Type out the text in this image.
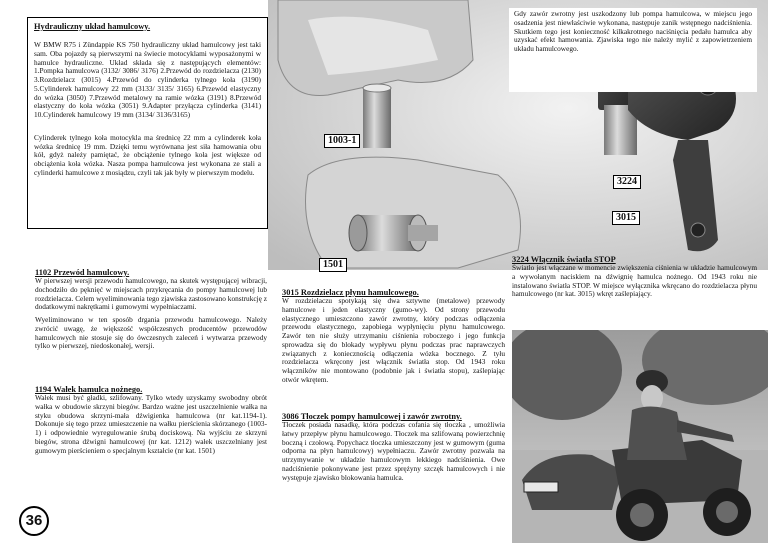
Hydrauliczny układ hamulcowy.

W BMW R75 i Zündappie KS 750 hydrauliczny układ hamulcowy jest taki sam. Oba pojazdy są pierwszymi na świecie motocyklami wyposażonymi w hamulce hydrauliczne. Układ składa się z następujących elementów: 1.Pompka hamulcowa (3132/ 3086/ 3176) 2.Przewód do rozdzielacza (2130) 3.Rozdzielacz (3015) 4.Przewód do cylinderka tylnego koła (3190) 5.Cylinderek hamulcowy 22 mm (3133/ 3135/ 3165) 6.Przewód elastyczny do wózka (3050) 7.Przewód metalowy na ramie wózka (3191) 8.Przewód elastyczny do koła wózka (3051) 9.Adapter przyłącza cylinderka (3141) 10.Cylinderek hamulcowy 19 mm (3134/ 3136/3165)

Cylinderek tylnego koła motocykla ma średnicę 22 mm a cylinderek koła wózka średnicę 19 mm. Dzięki temu wyrównana jest siła hamowania obu kół, gdyż należy pamiętać, że obciążenie tylnego koła jest większe od obciążenia koła wózka. Nasza pompa hamulcowa jest wykonana ze stali a cylinderki hamulcowe z mosiądzu, czyli tak jak były w pierwszym modelu.

Gdy zawór zwrotny jest uszkodzony lub pompa hamulcowa, w miejscu jego osadzenia jest niewłaściwie wykonana, następuje zanik wstępnego nadciśnienia. Skutkiem tego jest konieczność kilkakrotnego naciśnięcia pedału hamulca aby uzyskać efekt hamowania. Zjawiska tego nie należy mylić z zapowietrzeniem układu hamulcowego.

1003-1
3224
3015
1501

1102 Przewód hamulcowy.

W pierwszej wersji przewodu hamulcowego, na skutek występującej wibracji, dochodziło do pęknięć w miejscach przykręcania do pompy hamulcowej lub rozdzielacza. Celem wyeliminowania tego zjawiska zastosowano konstrukcję z dodatkowymi nakrętkami i gumowymi wypełniaczami.

Wyeliminowano w ten sposób drgania przewodu hamulcowego. Należy zwrócić uwagę, że większość współczesnych producentów przewodów hamulcowych nie stosuje się do ówczesnych zaleceń i wytwarza przewody tylko w pierwszej, niedoskonałej, wersji.

1194 Wałek hamulca nożnego.

Wałek musi być gładki, szlifowany. Tylko wtedy uzyskamy swobodny obrót wałka w obudowie skrzyni biegów. Bardzo ważne jest uszczelnienie wałka na styku obudowa skrzyni-mała dźwigienka hamulcowa (nr kat.1194-1). Dokonuje się tego przez umieszczenie na wałku pierścienia skórzanego (1003-1) i odpowiednie wyregulowanie śrubą dociskową. Na wyjściu ze skrzyni biegów, strona dźwigni hamulcowej (nr kat. 1212) wałek uszczelniany jest gumowym pierścieniem o specjalnym kształcie (nr kat. 1501)

3015 Rozdzielacz płynu hamulcowego.

W rozdzielaczu spotykają się dwa sztywne (metalowe) przewody hamulcowe i jeden elastyczny (gumo-wy). Od strony przewodu elastycznego umieszczono zawór zwrotny, który podczas odłączenia przewodu elastycznego, zapobiega wypłynięciu płynu hamulcowego. Zawór ten nie służy utrzymaniu ciśnienia roboczego i jego funkcja sprowadza się do blokady wypływu płynu podczas prac naprawczych związanych z koniecznością odłączenia wózka bocznego. Z tyłu rozdzielacza wkręcony jest włącznik światła stop. Od 1943 roku włączników nie montowano (podobnie jak i światła stopu), zaślepiając otwór wkrętem.

3086 Tłoczek pompy hamulcowej i zawór zwrotny.

Tłoczek posiada nasadkę, która podczas cofania się tłoczka , umożliwia łatwy przepływ płynu hamulcowego. Tłoczek ma szlifowaną powierzchnię boczną i czołową. Popychacz tłoczka umieszczony jest w gumowym (guma odporna na płyn hamulcowy) wypełniaczu. Zawór zwrotny pozwala na utrzymywanie w układzie hamulcowym lekkiego nadciśnienia. Owe nadciśnienie pokonywane jest przez sprężyny szczęk hamulcowych i nie występuje zjawisko blokowania hamulca.

3224 Włącznik światła STOP

Światło jest włączane w momencie zwiększenia ciśnienia w układzie hamulcowym a wywołanym naciskiem na dźwignię hamulca nożnego. Od 1943 roku nie instalowano światła STOP. W miejsce wyłącznika wkręcano do rozdzielacza płynu hamulcowego (nr kat. 3015) wkręt zaślepiający.

36
